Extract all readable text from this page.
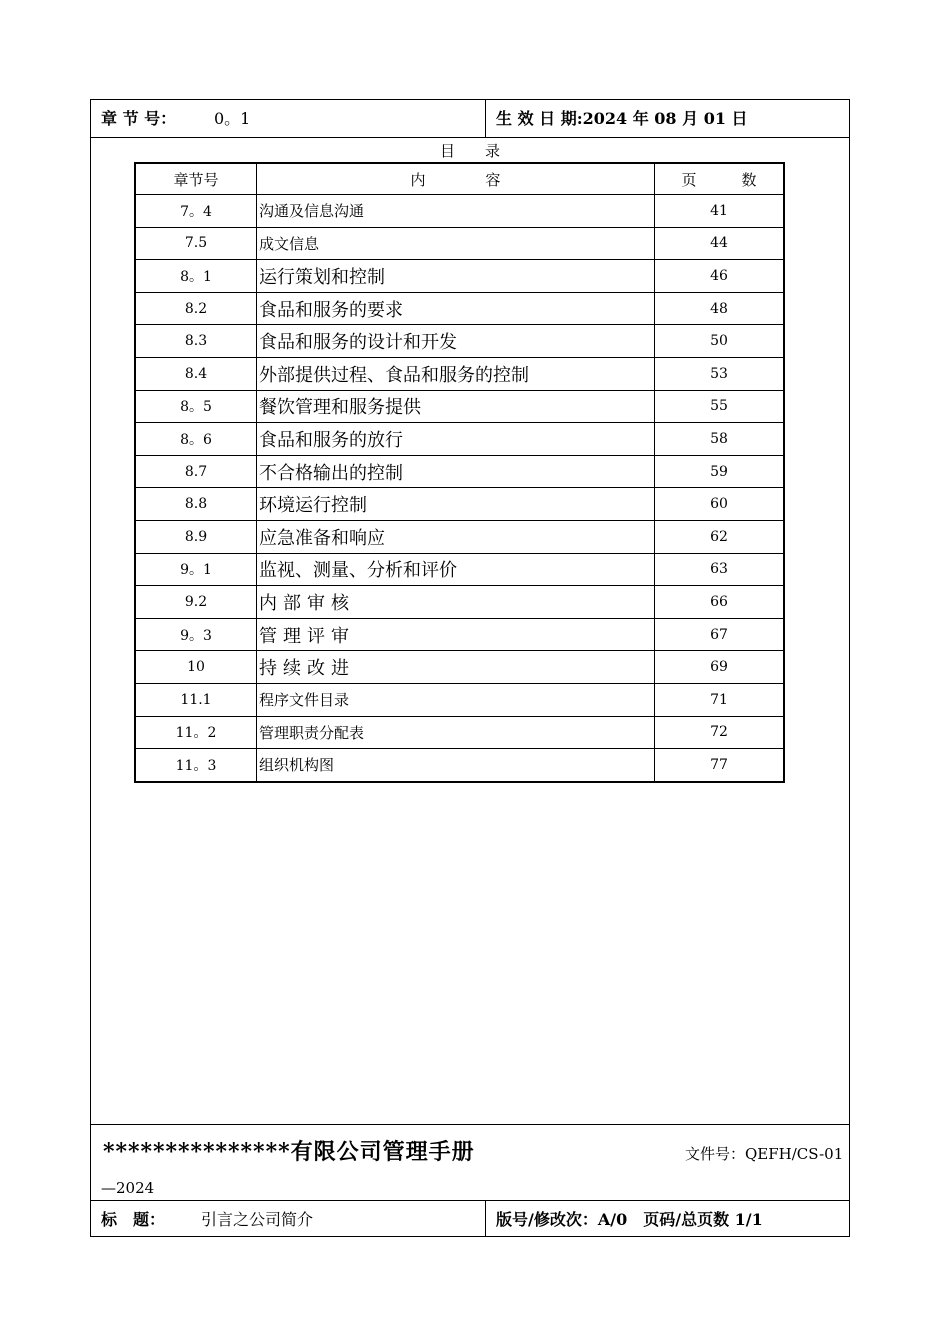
章 节 号： 0。1	生 效 日 期:2024 年 08 月 01 日
目　　录
章节号	内　　　　容	页　　　数
7。4	沟通及信息沟通	41
7.5	成文信息	44
8。1	运行策划和控制	46
8.2	食品和服务的要求	48
8.3	食品和服务的设计和开发	50
8.4	外部提供过程、食品和服务的控制	53
8。5	餐饮管理和服务提供	55
8。6	食品和服务的放行	58
8.7	不合格输出的控制	59
8.8	环境运行控制	60
8.9	应急准备和响应	62
9。1	监视、测量、分析和评价	63
9.2	内部审核	66
9。3	管理评审	67
10	持续改进	69
11.1	程序文件目录	71
11。2	管理职责分配表	72
11。3	组织机构图	77
***************有限公司管理手册	文件号：QEFH/CS-01
—2024
标　题： 引言之公司简介	版号/修改次：A/0　页码/总页数 1/1
